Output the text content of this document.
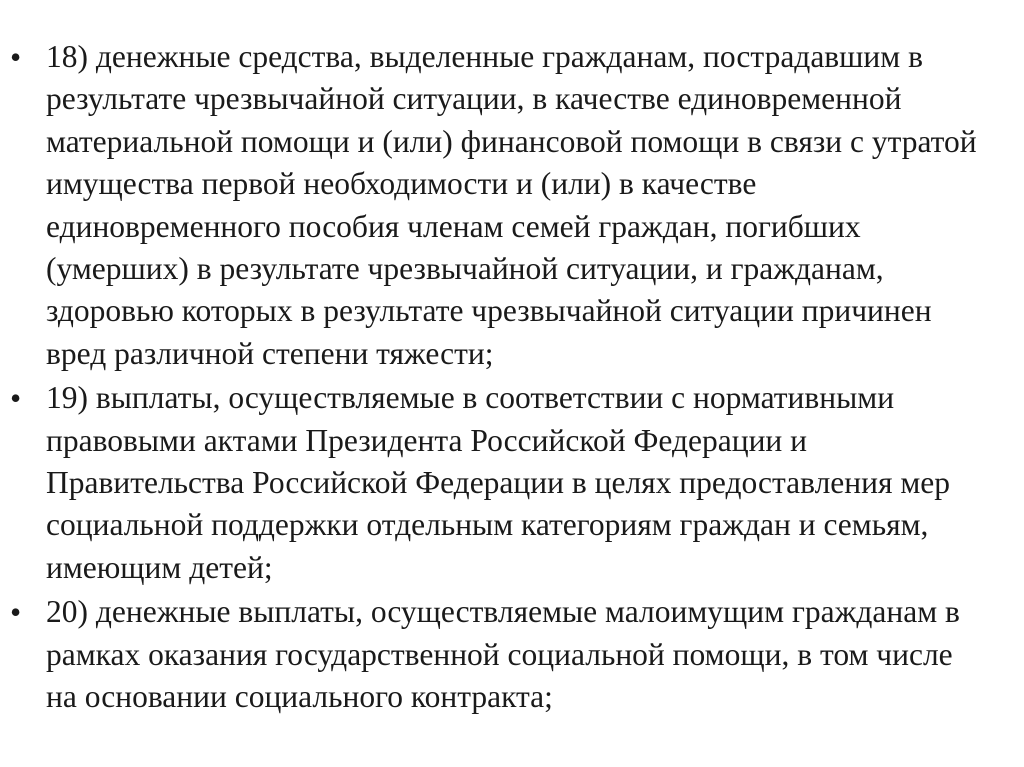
• 18) денежные средства, выделенные гражданам, пострадавшим в результате чрезвычайной ситуации, в качестве единовременной материальной помощи и (или) финансовой помощи в связи с утратой имущества первой необходимости и (или) в качестве единовременного пособия членам семей граждан, погибших (умерших) в результате чрезвычайной ситуации, и гражданам, здоровью которых в результате чрезвычайной ситуации причинен вред различной степени тяжести;
• 19) выплаты, осуществляемые в соответствии с нормативными правовыми актами Президента Российской Федерации и Правительства Российской Федерации в целях предоставления мер социальной поддержки отдельным категориям граждан и семьям, имеющим детей;
• 20) денежные выплаты, осуществляемые малоимущим гражданам в рамках оказания государственной социальной помощи, в том числе на основании социального контракта;
